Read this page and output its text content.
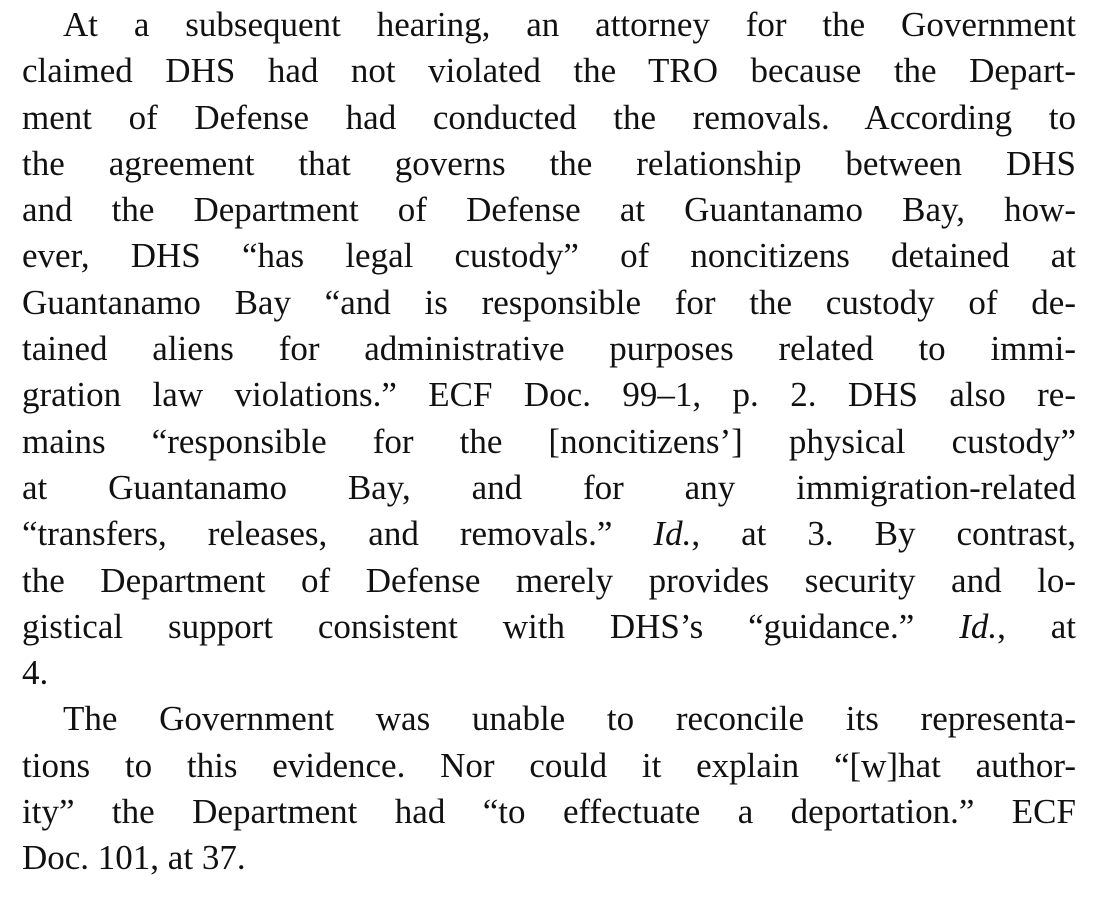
At a subsequent hearing, an attorney for the Government
claimed DHS had not violated the TRO because the Depart-
ment of Defense had conducted the removals. According to
the agreement that governs the relationship between DHS
and the Department of Defense at Guantanamo Bay, how-
ever, DHS “has legal custody” of noncitizens detained at
Guantanamo Bay “and is responsible for the custody of de-
tained aliens for administrative purposes related to immi-
gration law violations.” ECF Doc. 99–1, p. 2. DHS also re-
mains “responsible for the [noncitizens’] physical custody”
at Guantanamo Bay, and for any immigration-related
“transfers, releases, and removals.” Id., at 3. By contrast,
the Department of Defense merely provides security and lo-
gistical support consistent with DHS’s “guidance.” Id., at
4.
The Government was unable to reconcile its representa-
tions to this evidence. Nor could it explain “[w]hat author-
ity” the Department had “to effectuate a deportation.” ECF
Doc. 101, at 37.
